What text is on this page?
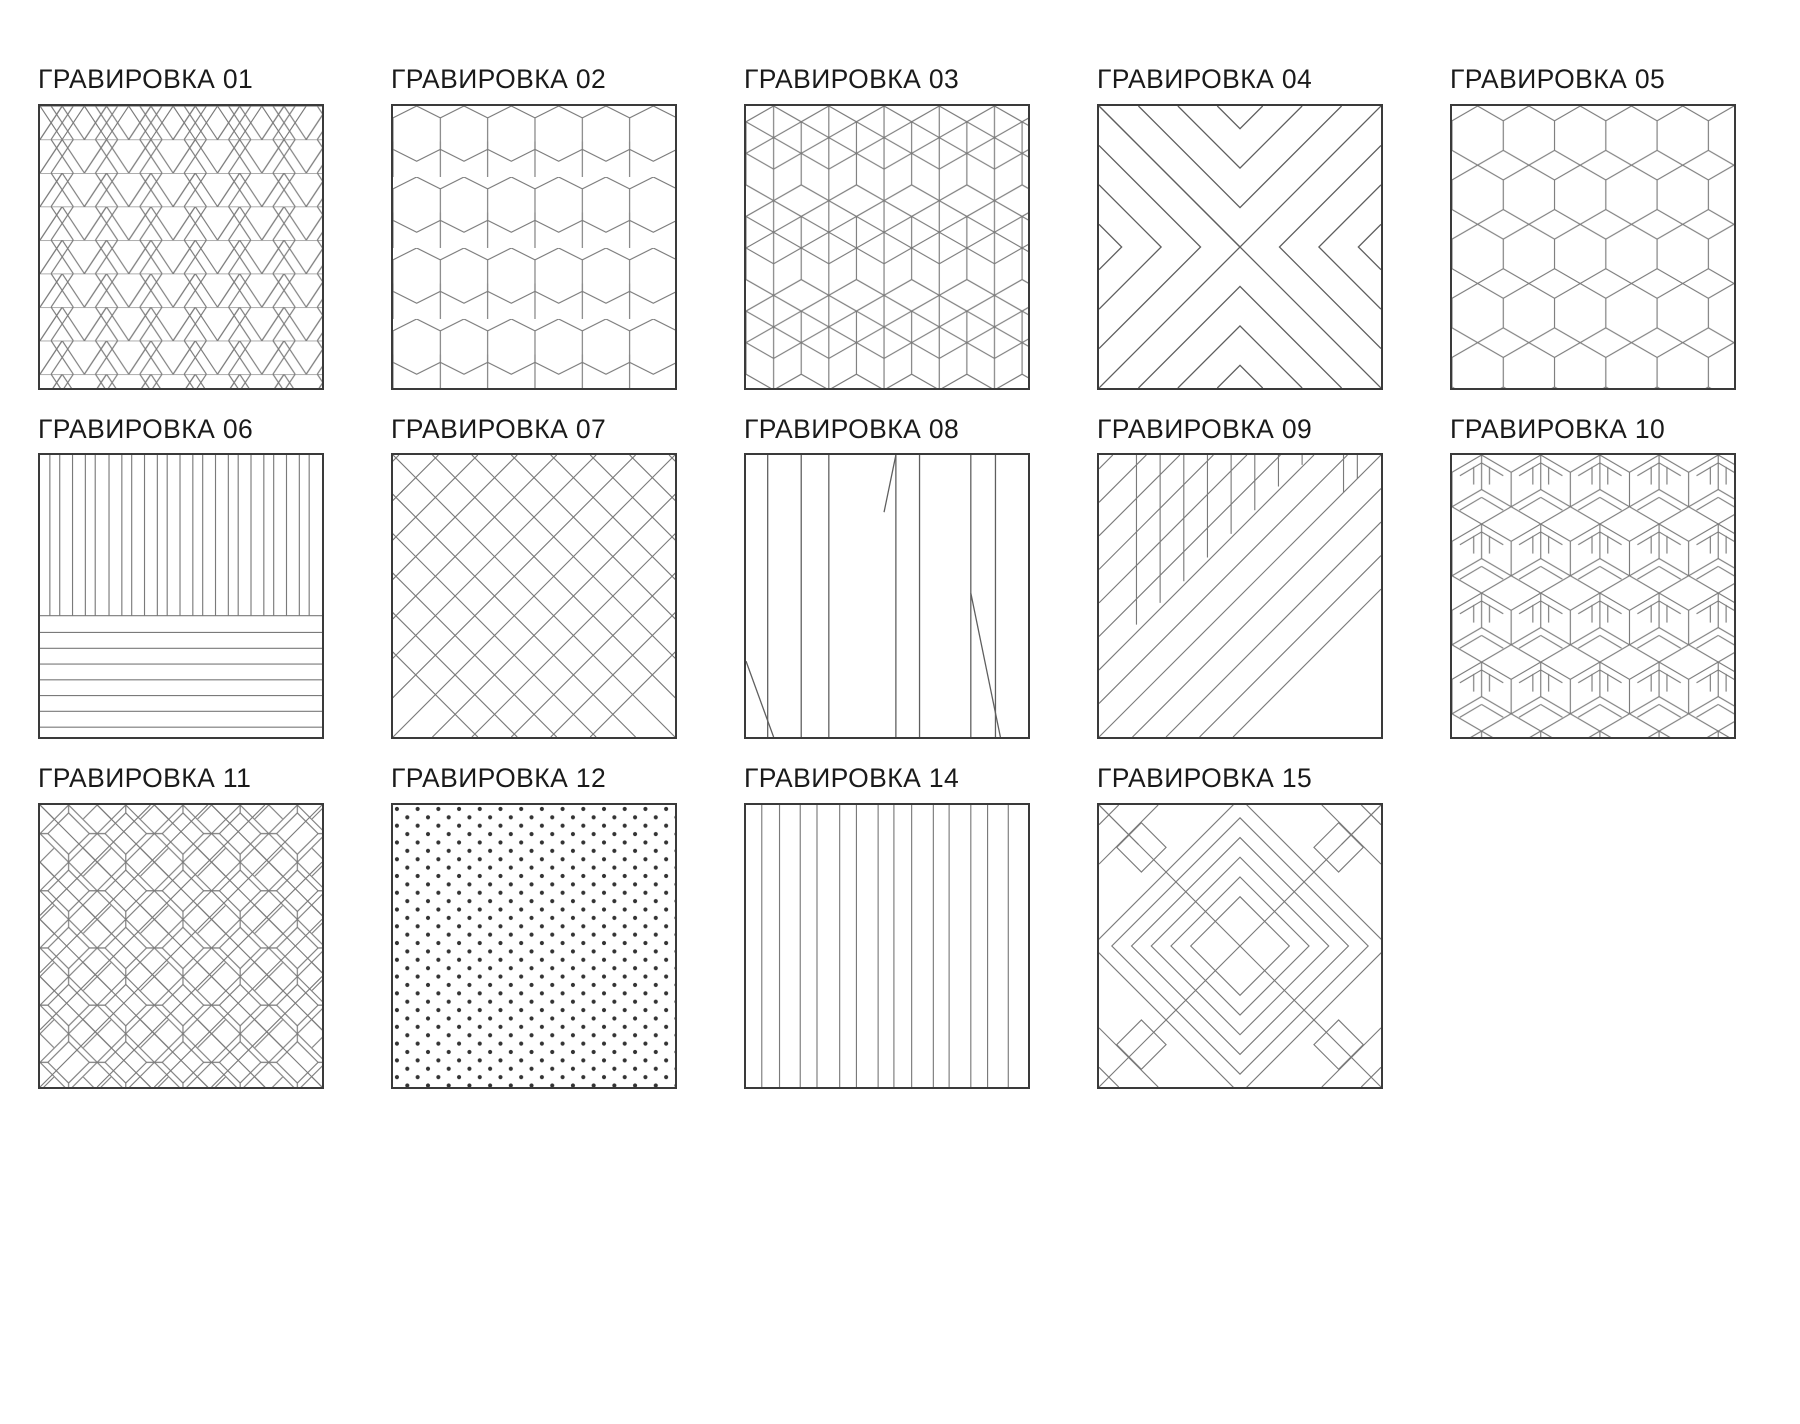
ГРАВИРОВКА 01	ГРАВИРОВКА 02	ГРАВИРОВКА 03	ГРАВИРОВКА 04	ГРАВИРОВКА 05
ГРАВИРОВКА 06	ГРАВИРОВКА 07	ГРАВИРОВКА 08	ГРАВИРОВКА 09	ГРАВИРОВКА 10
ГРАВИРОВКА 11	ГРАВИРОВКА 12	ГРАВИРОВКА 14	ГРАВИРОВКА 15
